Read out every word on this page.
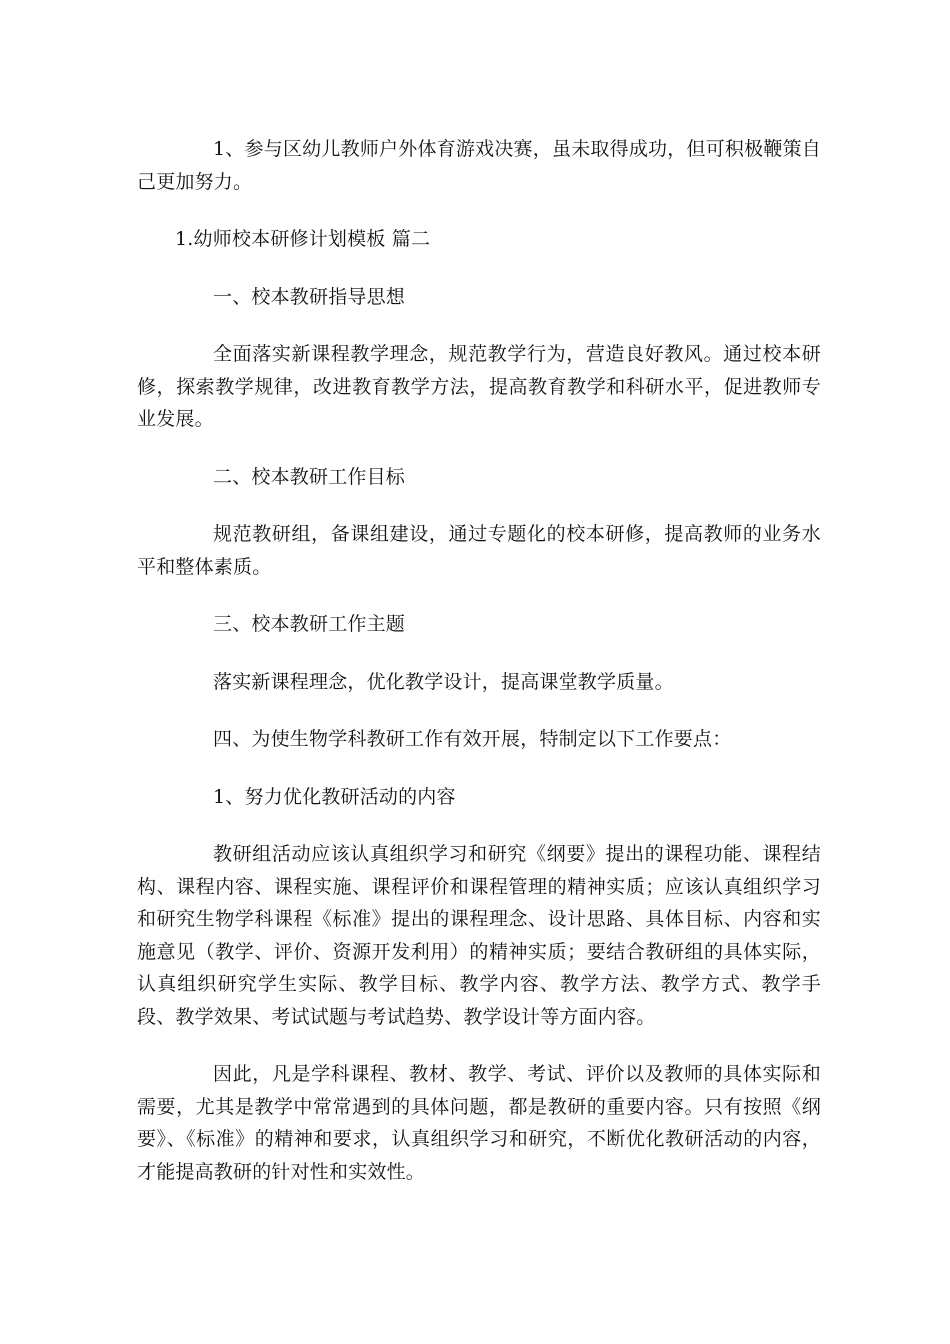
1、参与区幼儿教师户外体育游戏决赛，虽未取得成功，但可积极鞭策自己更加努力。

1.幼师校本研修计划模板 篇二

一、校本教研指导思想

全面落实新课程教学理念，规范教学行为，营造良好教风。通过校本研修，探索教学规律，改进教育教学方法，提高教育教学和科研水平，促进教师专业发展。

二、校本教研工作目标

规范教研组，备课组建设，通过专题化的校本研修，提高教师的业务水平和整体素质。

三、校本教研工作主题

落实新课程理念，优化教学设计，提高课堂教学质量。

四、为使生物学科教研工作有效开展，特制定以下工作要点：

1、努力优化教研活动的内容

教研组活动应该认真组织学习和研究《纲要》提出的课程功能、课程结构、课程内容、课程实施、课程评价和课程管理的精神实质；应该认真组织学习和研究生物学科课程《标准》提出的课程理念、设计思路、具体目标、内容和实施意见（教学、评价、资源开发利用）的精神实质；要结合教研组的具体实际，认真组织研究学生实际、教学目标、教学内容、教学方法、教学方式、教学手段、教学效果、考试试题与考试趋势、教学设计等方面内容。

因此，凡是学科课程、教材、教学、考试、评价以及教师的具体实际和需要，尤其是教学中常常遇到的具体问题，都是教研的重要内容。只有按照《纲要》、《标准》的精神和要求，认真组织学习和研究，不断优化教研活动的内容，才能提高教研的针对性和实效性。
